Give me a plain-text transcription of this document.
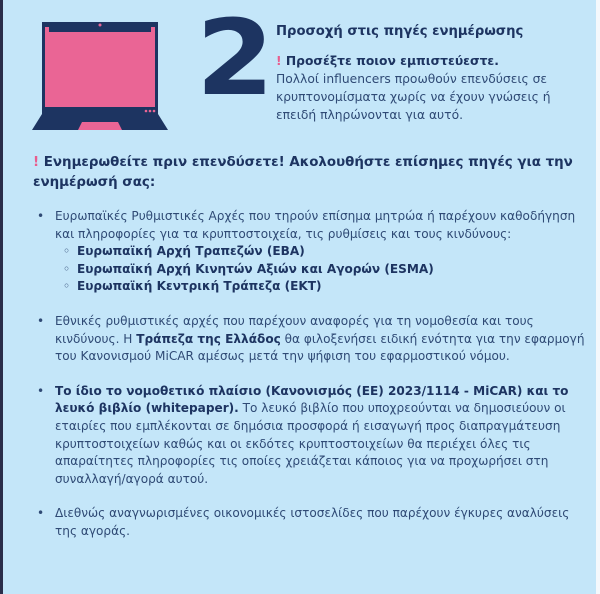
2 Προσοχή στις πηγές ενημέρωσης
! Προσέξτε ποιον εμπιστεύεστε.
Πολλοί influencers προωθούν επενδύσεις σε κρυπτονομίσματα χωρίς να έχουν γνώσεις ή επειδή πληρώνονται για αυτό.
! Ενημερωθείτε πριν επενδύσετε! Ακολουθήστε επίσημες πηγές για την ενημέρωσή σας:
• Ευρωπαϊκές Ρυθμιστικές Αρχές που τηρούν επίσημα μητρώα ή παρέχουν καθοδήγηση και πληροφορίες για τα κρυπτοστοιχεία, τις ρυθμίσεις και τους κινδύνους:
◦ Ευρωπαϊκή Αρχή Τραπεζών (EBA)
◦ Ευρωπαϊκή Αρχή Κινητών Αξιών και Αγορών (ESMA)
◦ Ευρωπαϊκή Κεντρική Τράπεζα (ΕΚΤ)
• Εθνικές ρυθμιστικές αρχές που παρέχουν αναφορές για τη νομοθεσία και τους κινδύνους. Η Τράπεζα της Ελλάδος θα φιλοξενήσει ειδική ενότητα για την εφαρμογή του Κανονισμού MiCAR αμέσως μετά την ψήφιση του εφαρμοστικού νόμου.
• Το ίδιο το νομοθετικό πλαίσιο (Κανονισμός (ΕΕ) 2023/1114 - MiCAR) και το λευκό βιβλίο (whitepaper). Το λευκό βιβλίο που υποχρεούνται να δημοσιεύουν οι εταιρίες που εμπλέκονται σε δημόσια προσφορά ή εισαγωγή προς διαπραγμάτευση κρυπτοστοιχείων καθώς και οι εκδότες κρυπτοστοιχείων θα περιέχει όλες τις απαραίτητες πληροφορίες τις οποίες χρειάζεται κάποιος για να προχωρήσει στη συναλλαγή/αγορά αυτού.
• Διεθνώς αναγνωρισμένες οικονομικές ιστοσελίδες που παρέχουν έγκυρες αναλύσεις της αγοράς.
